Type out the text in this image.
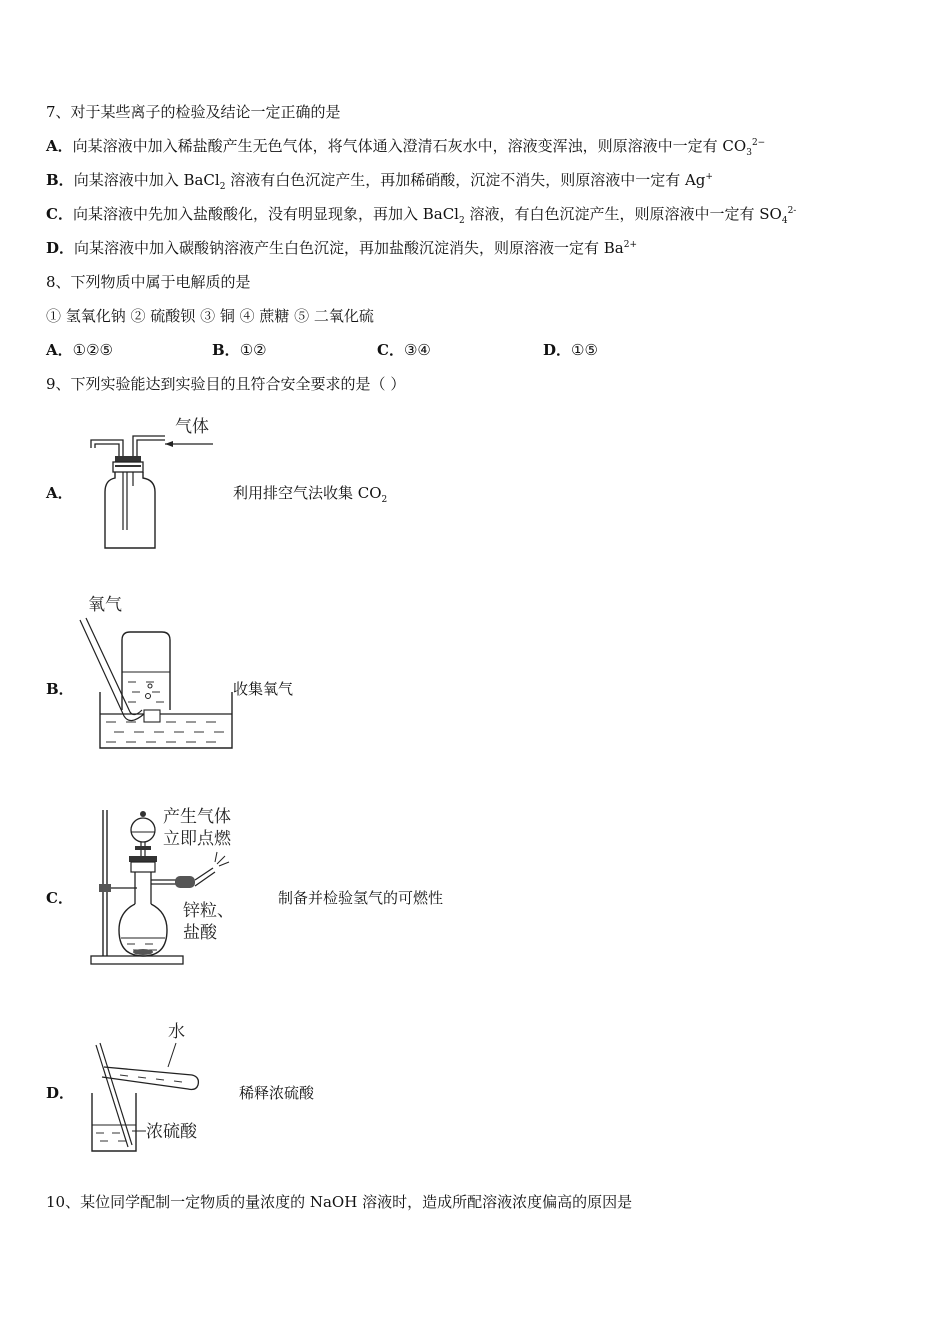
7、对于某些离子的检验及结论一定正确的是
A．向某溶液中加入稀盐酸产生无色气体，将气体通入澄清石灰水中，溶液变浑浊，则原溶液中一定有 $CO_3^{2-}$
B．向某溶液中加入 BaCl$_2$ 溶液有白色沉淀产生，再加稀硝酸，沉淀不消失，则原溶液中一定有 Ag+
C．向某溶液中先加入盐酸酸化，没有明显现象，再加入 BaCl$_2$ 溶液，有白色沉淀产生，则原溶液中一定有 $SO_4^{2-}$
D．向某溶液中加入碳酸钠溶液产生白色沉淀，再加盐酸沉淀消失，则原溶液一定有 $Ba^{2+}$
8、下列物质中属于电解质的是
① 氢氧化钠 ② 硫酸钡 ③ 铜 ④ 蔗糖 ⑤ 二氧化硫
A．①②⑤	B．①②	C．③④	D．①⑤
9、下列实验能达到实验目的且符合安全要求的是（ ）
A．
气体
利用排空气法收集 $CO_2$
B．
氧气
收集氧气
C．
产生气体
立即点燃
锌粒、
盐酸
制备并检验氢气的可燃性
D．
水
浓硫酸
稀释浓硫酸
10、某位同学配制一定物质的量浓度的 NaOH 溶液时，造成所配溶液浓度偏高的原因是
